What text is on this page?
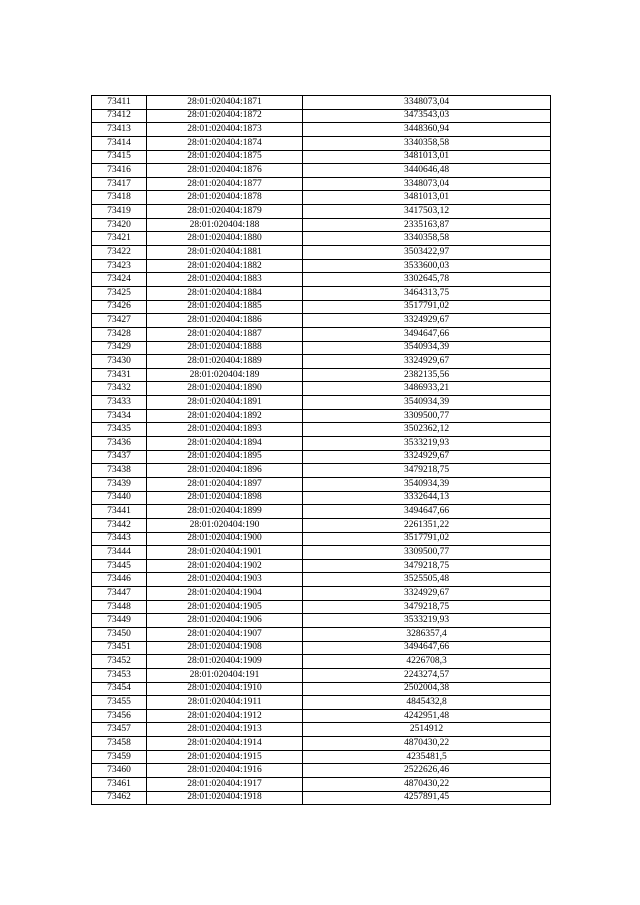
73411	28:01:020404:1871	3348073,04
73412	28:01:020404:1872	3473543,03
73413	28:01:020404:1873	3448360,94
73414	28:01:020404:1874	3340358,58
73415	28:01:020404:1875	3481013,01
73416	28:01:020404:1876	3440646,48
73417	28:01:020404:1877	3348073,04
73418	28:01:020404:1878	3481013,01
73419	28:01:020404:1879	3417503,12
73420	28:01:020404:188	2335163,87
73421	28:01:020404:1880	3340358,58
73422	28:01:020404:1881	3503422,97
73423	28:01:020404:1882	3533600,03
73424	28:01:020404:1883	3302645,78
73425	28:01:020404:1884	3464313,75
73426	28:01:020404:1885	3517791,02
73427	28:01:020404:1886	3324929,67
73428	28:01:020404:1887	3494647,66
73429	28:01:020404:1888	3540934,39
73430	28:01:020404:1889	3324929,67
73431	28:01:020404:189	2382135,56
73432	28:01:020404:1890	3486933,21
73433	28:01:020404:1891	3540934,39
73434	28:01:020404:1892	3309500,77
73435	28:01:020404:1893	3502362,12
73436	28:01:020404:1894	3533219,93
73437	28:01:020404:1895	3324929,67
73438	28:01:020404:1896	3479218,75
73439	28:01:020404:1897	3540934,39
73440	28:01:020404:1898	3332644,13
73441	28:01:020404:1899	3494647,66
73442	28:01:020404:190	2261351,22
73443	28:01:020404:1900	3517791,02
73444	28:01:020404:1901	3309500,77
73445	28:01:020404:1902	3479218,75
73446	28:01:020404:1903	3525505,48
73447	28:01:020404:1904	3324929,67
73448	28:01:020404:1905	3479218,75
73449	28:01:020404:1906	3533219,93
73450	28:01:020404:1907	3286357,4
73451	28:01:020404:1908	3494647,66
73452	28:01:020404:1909	4226708,3
73453	28:01:020404:191	2243274,57
73454	28:01:020404:1910	2502004,38
73455	28:01:020404:1911	4845432,8
73456	28:01:020404:1912	4242951,48
73457	28:01:020404:1913	2514912
73458	28:01:020404:1914	4870430,22
73459	28:01:020404:1915	4235481,5
73460	28:01:020404:1916	2522626,46
73461	28:01:020404:1917	4870430,22
73462	28:01:020404:1918	4257891,45
